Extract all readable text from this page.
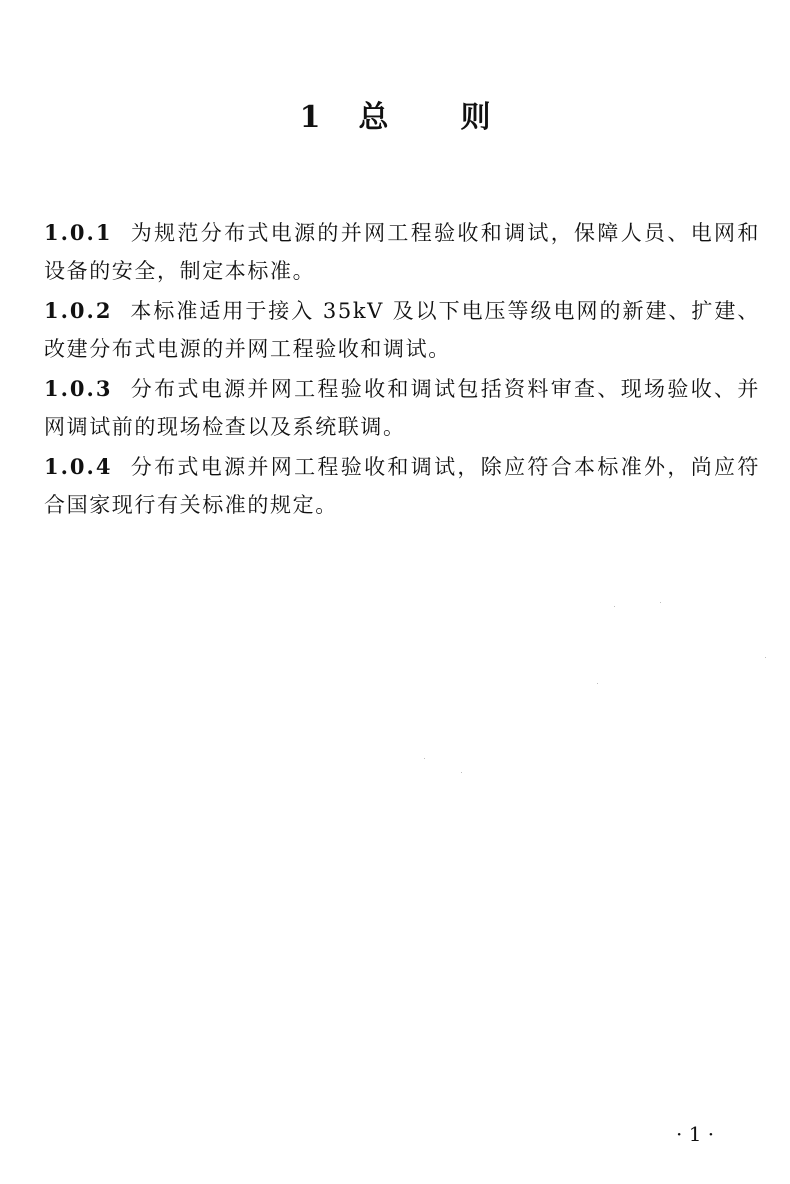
1 总 则

1.0.1 为规范分布式电源的并网工程验收和调试，保障人员、电网和设备的安全，制定本标准。

1.0.2 本标准适用于接入 35kV 及以下电压等级电网的新建、扩建、改建分布式电源的并网工程验收和调试。

1.0.3 分布式电源并网工程验收和调试包括资料审查、现场验收、并网调试前的现场检查以及系统联调。

1.0.4 分布式电源并网工程验收和调试，除应符合本标准外，尚应符合国家现行有关标准的规定。

· 1 ·
